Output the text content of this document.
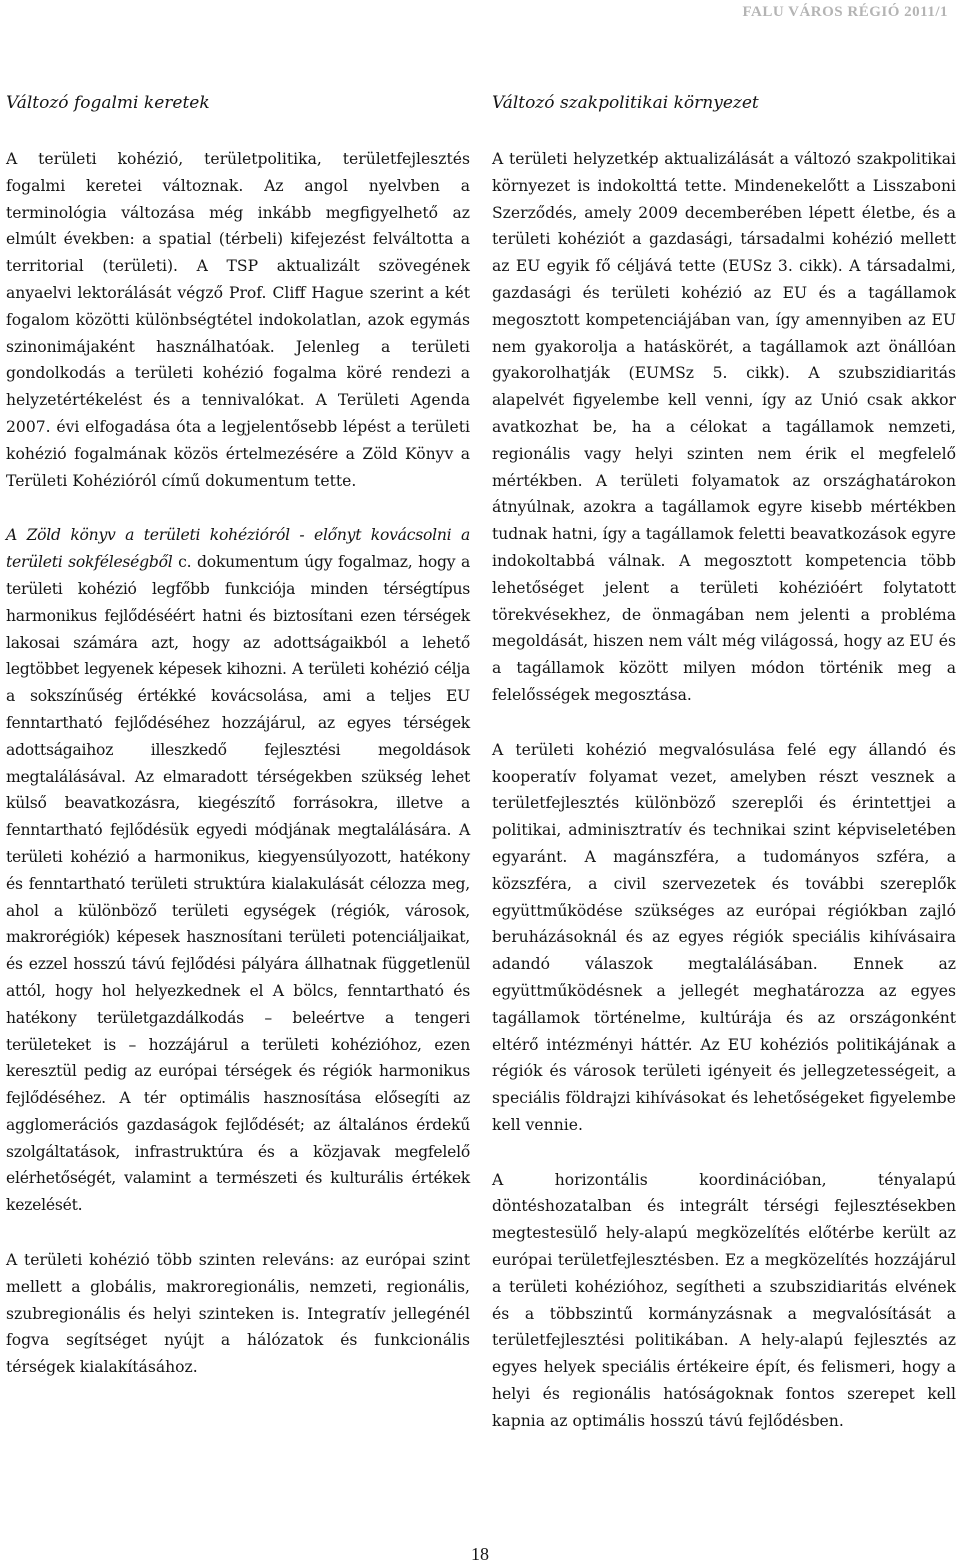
FALU VÁROS RÉGIÓ 2011/1
Változó fogalmi keretek

A területi kohézió, területpolitika, területfejlesztés fogalmi keretei változnak. Az angol nyelvben a terminológia változása még inkább megfigyelhető az elmúlt években: a spatial (térbeli) kifejezést felváltotta a territorial (területi). A TSP aktualizált szövegének anyaelvi lektorálását végző Prof. Cliff Hague szerint a két fogalom közötti különbségtétel indokolatlan, azok egymás szinonimájaként használhatóak. Jelenleg a területi gondolkodás a területi kohézió fogalma köré rendezi a helyzetértékelést és a tennivalókat. A Területi Agenda 2007. évi elfogadása óta a legjelentősebb lépést a területi kohézió fogalmának közös értelmezésére a Zöld Könyv a Területi Kohézióról című dokumentum tette.

A Zöld könyv a területi kohézióról - előnyt kovácsolni a területi sokféleségből c. dokumentum úgy fogalmaz, hogy a területi kohézió legfőbb funkciója minden térségtípus harmonikus fejlődéséért hatni és biztosítani ezen térségek lakosai számára azt, hogy az adottságaikból a lehető legtöbbet legyenek képesek kihozni. A területi kohézió célja a sokszínűség értékké kovácsolása, ami a teljes EU fenntartható fejlődéséhez hozzájárul, az egyes térségek adottságaihoz illeszkedő fejlesztési megoldások megtalálásával. Az elmaradott térségekben szükség lehet külső beavatkozásra, kiegészítő forrásokra, illetve a fenntartható fejlődésük egyedi módjának megtalálására. A területi kohézió a harmonikus, kiegyensúlyozott, hatékony és fenntartható területi struktúra kialakulását célozza meg, ahol a különböző területi egységek (régiók, városok, makrorégiók) képesek hasznosítani területi potenciáljaikat, és ezzel hosszú távú fejlődési pályára állhatnak függetlenül attól, hogy hol helyezkednek el A bölcs, fenntartható és hatékony területgazdálkodás – beleértve a tengeri területeket is – hozzájárul a területi kohézióhoz, ezen keresztül pedig az európai térségek és régiók harmonikus fejlődéséhez. A tér optimális hasznosítása elősegíti az agglomerációs gazdaságok fejlődését; az általános érdekű szolgáltatások, infrastruktúra és a közjavak megfelelő elérhetőségét, valamint a természeti és kulturális értékek kezelését.

A területi kohézió több szinten releváns: az európai szint mellett a globális, makroregionális, nemzeti, regionális, szubregionális és helyi szinteken is. Integratív jellegénél fogva segítséget nyújt a hálózatok és funkcionális térségek kialakításához.

Változó szakpolitikai környezet

A területi helyzetkép aktualizálását a változó szakpolitikai környezet is indokolttá tette. Mindenekelőtt a Lisszaboni Szerződés, amely 2009 decemberében lépett életbe, és a területi kohéziót a gazdasági, társadalmi kohézió mellett az EU egyik fő céljává tette (EUSz 3. cikk). A társadalmi, gazdasági és területi kohézió az EU és a tagállamok megosztott kompetenciájában van, így amennyiben az EU nem gyakorolja a hatáskörét, a tagállamok azt önállóan gyakorolhatják (EUMSz 5. cikk). A szubszidiaritás alapelvét figyelembe kell venni, így az Unió csak akkor avatkozhat be, ha a célokat a tagállamok nemzeti, regionális vagy helyi szinten nem érik el megfelelő mértékben. A területi folyamatok az országhatárokon átnyúlnak, azokra a tagállamok egyre kisebb mértékben tudnak hatni, így a tagállamok feletti beavatkozások egyre indokoltabbá válnak. A megosztott kompetencia több lehetőséget jelent a területi kohézióért folytatott törekvésekhez, de önmagában nem jelenti a probléma megoldását, hiszen nem vált még világossá, hogy az EU és a tagállamok között milyen módon történik meg a felelősségek megosztása.

A területi kohézió megvalósulása felé egy állandó és kooperatív folyamat vezet, amelyben részt vesznek a területfejlesztés különböző szereplői és érintettjei a politikai, adminisztratív és technikai szint képviseletében egyaránt. A magánszféra, a tudományos szféra, a közszféra, a civil szervezetek és további szereplők együttműködése szükséges az európai régiókban zajló beruházásoknál és az egyes régiók speciális kihívásaira adandó válaszok megtalálásában. Ennek az együttműködésnek a jellegét meghatározza az egyes tagállamok történelme, kultúrája és az országonként eltérő intézményi háttér. Az EU kohéziós politikájának a régiók és városok területi igényeit és jellegzetességeit, a speciális földrajzi kihívásokat és lehetőségeket figyelembe kell vennie.

A horizontális koordinációban, tényalapú döntéshozatalban és integrált térségi fejlesztésekben megtestesülő hely-alapú megközelítés előtérbe került az európai területfejlesztésben. Ez a megközelítés hozzájárul a területi kohézióhoz, segítheti a szubszidiaritás elvének és a többszintű kormányzásnak a megvalósítását a területfejlesztési politikában. A hely-alapú fejlesztés az egyes helyek speciális értékeire épít, és felismeri, hogy a helyi és regionális hatóságoknak fontos szerepet kell kapnia az optimális hosszú távú fejlődésben.

18
